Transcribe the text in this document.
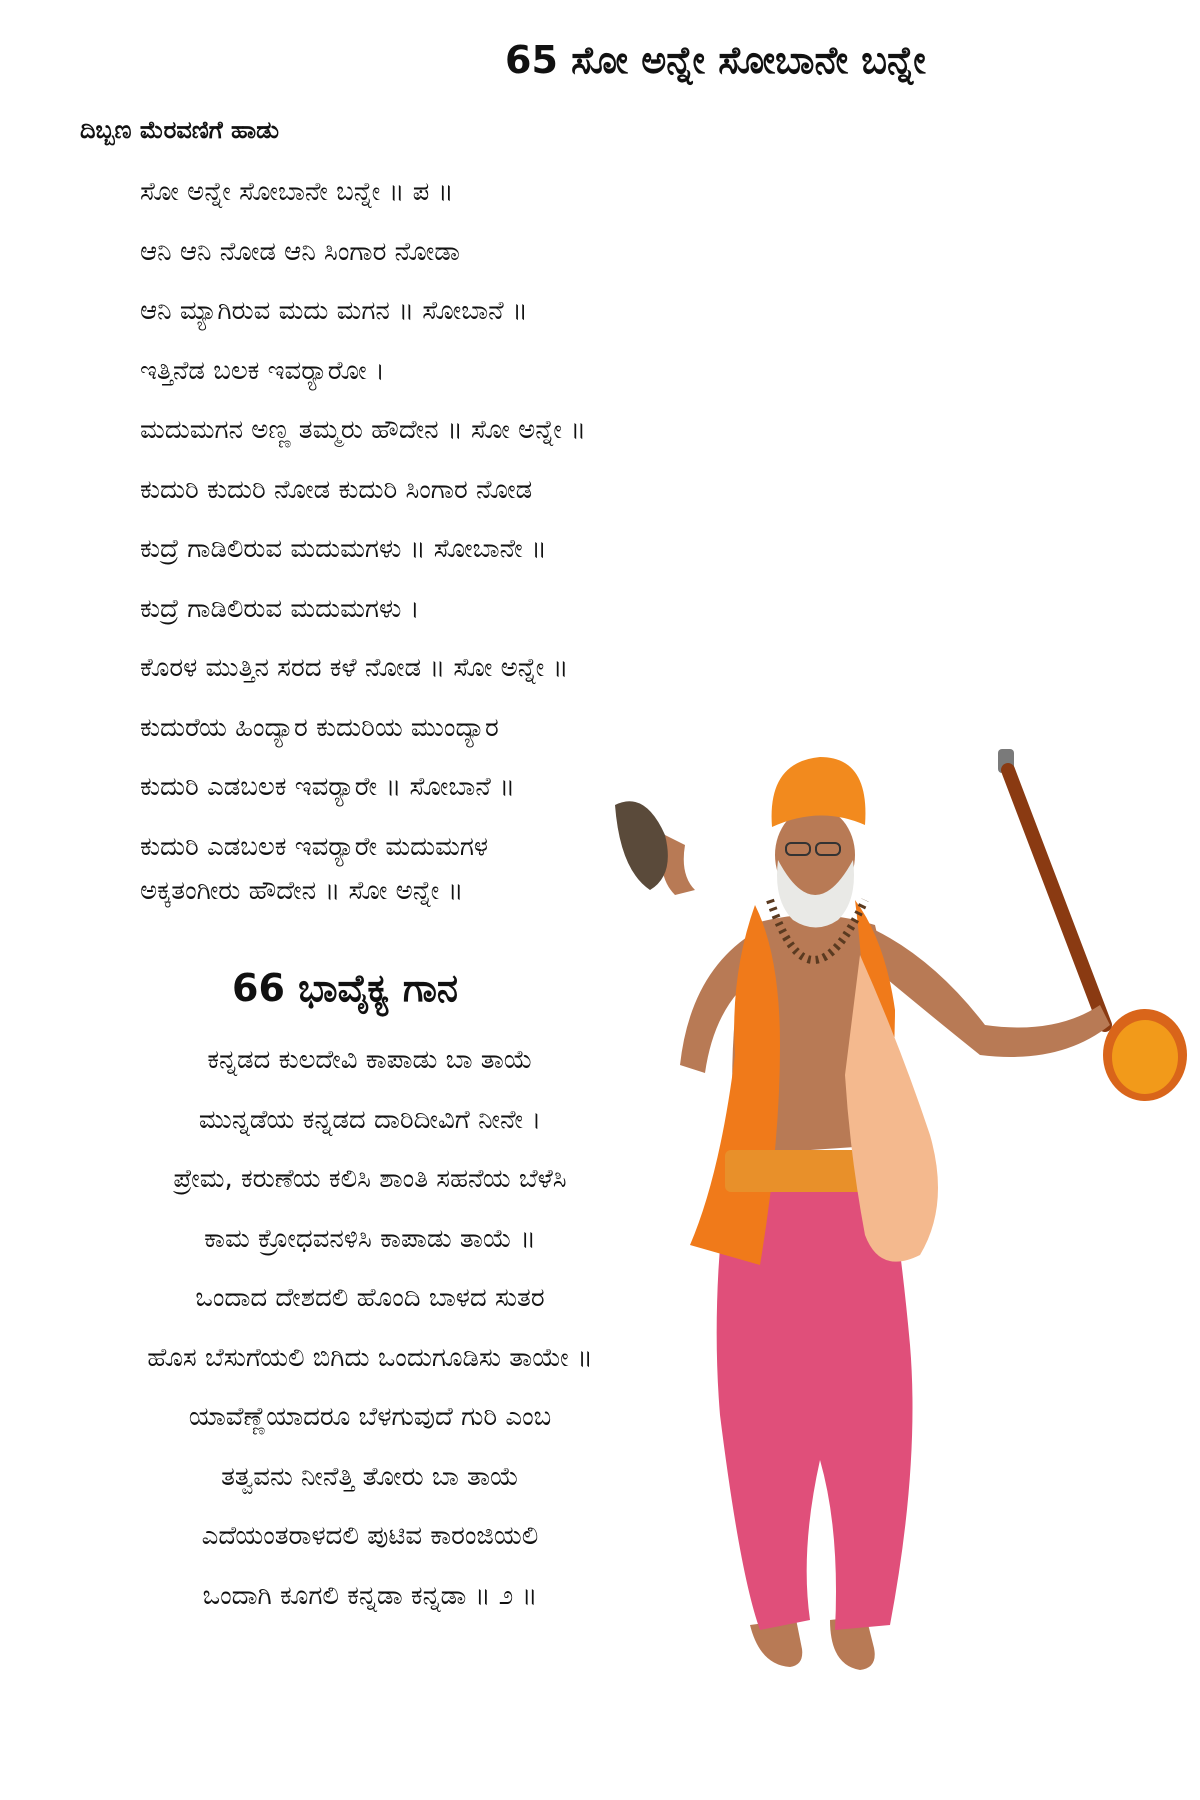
65 ಸೋ ಅನ್ನೇ ಸೋಬಾನೇ ಬನ್ನೇ
ದಿಬ್ಬಣ ಮೆರವಣಿಗೆ ಹಾಡು
ಸೋ ಅನ್ನೇ ಸೋಬಾನೇ ಬನ್ನೇ ॥ ಪ ॥
ಆನಿ ಆನಿ ನೋಡ ಆನಿ ಸಿಂಗಾರ ನೋಡಾ
ಆನಿ ಮ್ಯಾಗಿರುವ ಮದು ಮಗನ ॥ ಸೋಬಾನೆ ॥
ಇತ್ತಿನೆಡ ಬಲಕ ಇವರ್‍ಯಾರೋ ।
ಮದುಮಗನ ಅಣ್ಣ ತಮ್ಮರು ಹೌದೇನ ॥ ಸೋ ಅನ್ನೇ ॥
ಕುದುರಿ ಕುದುರಿ ನೋಡ ಕುದುರಿ ಸಿಂಗಾರ ನೋಡ
ಕುದ್ರೆ ಗಾಡಿಲಿರುವ ಮದುಮಗಳು ॥ ಸೋಬಾನೇ ॥
ಕುದ್ರೆ ಗಾಡಿಲಿರುವ ಮದುಮಗಳು ।
ಕೊರಳ ಮುತ್ತಿನ ಸರದ ಕಳೆ ನೋಡ ॥ ಸೋ ಅನ್ನೇ ॥
ಕುದುರೆಯ ಹಿಂದ್ಯಾರ ಕುದುರಿಯ ಮುಂದ್ಯಾರ
ಕುದುರಿ ಎಡಬಲಕ ಇವರ್‍ಯಾರೇ ॥ ಸೋಬಾನೆ ॥
ಕುದುರಿ ಎಡಬಲಕ ಇವರ್‍ಯಾರೇ ಮದುಮಗಳ
ಅಕ್ಕತಂಗೀರು ಹೌದೇನ ॥ ಸೋ ಅನ್ನೇ ॥
66 ಭಾವೈಕ್ಯ ಗಾನ
ಕನ್ನಡದ ಕುಲದೇವಿ ಕಾಪಾಡು ಬಾ ತಾಯೆ
ಮುನ್ನಡೆಯ ಕನ್ನಡದ ದಾರಿದೀವಿಗೆ ನೀನೇ ।
ಪ್ರೇಮ, ಕರುಣೆಯ ಕಲಿಸಿ ಶಾಂತಿ ಸಹನೆಯ ಬೆಳೆಸಿ
ಕಾಮ ಕ್ರೋಧವನಳಿಸಿ ಕಾಪಾಡು ತಾಯೆ ॥
ಒಂದಾದ ದೇಶದಲಿ ಹೊಂದಿ ಬಾಳದ ಸುತರ
ಹೊಸ ಬೆಸುಗೆಯಲಿ ಬಿಗಿದು ಒಂದುಗೂಡಿಸು ತಾಯೇ ॥
ಯಾವೆಣ್ಣೆಯಾದರೂ ಬೆಳಗುವುದೆ ಗುರಿ ಎಂಬ
ತತ್ವವನು ನೀನೆತ್ತಿ ತೋರು ಬಾ ತಾಯೆ
ಎದೆಯಂತರಾಳದಲಿ ಪುಟಿವ ಕಾರಂಜಿಯಲಿ
ಒಂದಾಗಿ ಕೂಗಲಿ ಕನ್ನಡಾ ಕನ್ನಡಾ ॥ ೨ ॥
